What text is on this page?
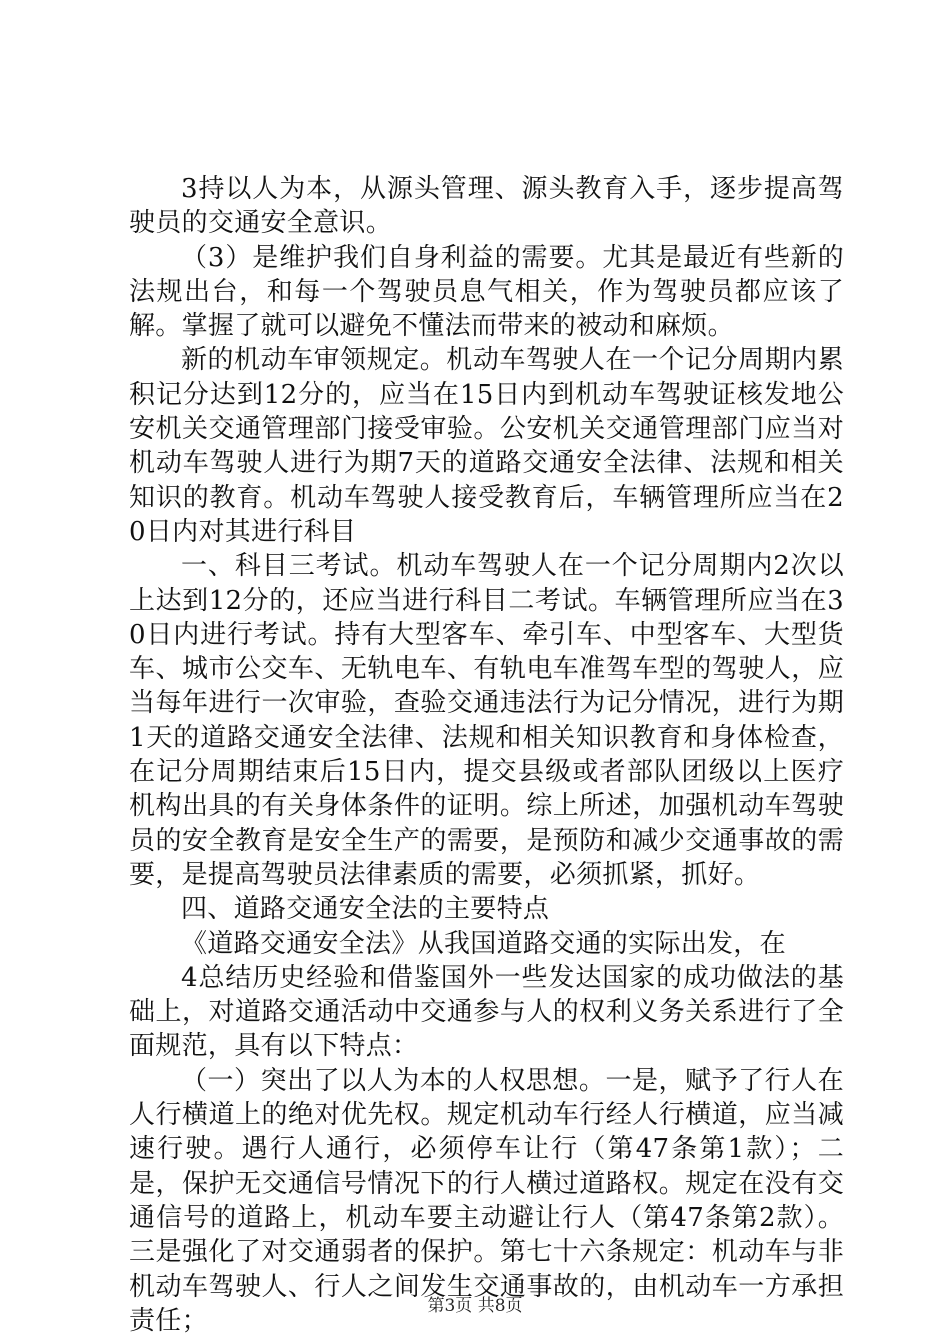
3持以人为本，从源头管理、源头教育入手，逐步提高驾驶员的交通安全意识。

（3）是维护我们自身利益的需要。尤其是最近有些新的法规出台，和每一个驾驶员息气相关，作为驾驶员都应该了解。掌握了就可以避免不懂法而带来的被动和麻烦。

新的机动车审领规定。机动车驾驶人在一个记分周期内累积记分达到12分的，应当在15日内到机动车驾驶证核发地公安机关交通管理部门接受审验。公安机关交通管理部门应当对机动车驾驶人进行为期7天的道路交通安全法律、法规和相关知识的教育。机动车驾驶人接受教育后，车辆管理所应当在20日内对其进行科目

一、科目三考试。机动车驾驶人在一个记分周期内2次以上达到12分的，还应当进行科目二考试。车辆管理所应当在30日内进行考试。持有大型客车、牵引车、中型客车、大型货车、城市公交车、无轨电车、有轨电车准驾车型的驾驶人，应当每年进行一次审验，查验交通违法行为记分情况，进行为期1天的道路交通安全法律、法规和相关知识教育和身体检查，在记分周期结束后15日内，提交县级或者部队团级以上医疗机构出具的有关身体条件的证明。综上所述，加强机动车驾驶员的安全教育是安全生产的需要，是预防和减少交通事故的需要，是提高驾驶员法律素质的需要，必须抓紧，抓好。

四、道路交通安全法的主要特点

《道路交通安全法》从我国道路交通的实际出发，在

4总结历史经验和借鉴国外一些发达国家的成功做法的基础上，对道路交通活动中交通参与人的权利义务关系进行了全面规范，具有以下特点：

（一）突出了以人为本的人权思想。一是，赋予了行人在人行横道上的绝对优先权。规定机动车行经人行横道，应当减速行驶。遇行人通行，必须停车让行（第47条第1款）；二是，保护无交通信号情况下的行人横过道路权。规定在没有交通信号的道路上，机动车要主动避让行人（第47条第2款）。三是强化了对交通弱者的保护。第七十六条规定：机动车与非机动车驾驶人、行人之间发生交通事故的，由机动车一方承担责任；	第3页 共8页
